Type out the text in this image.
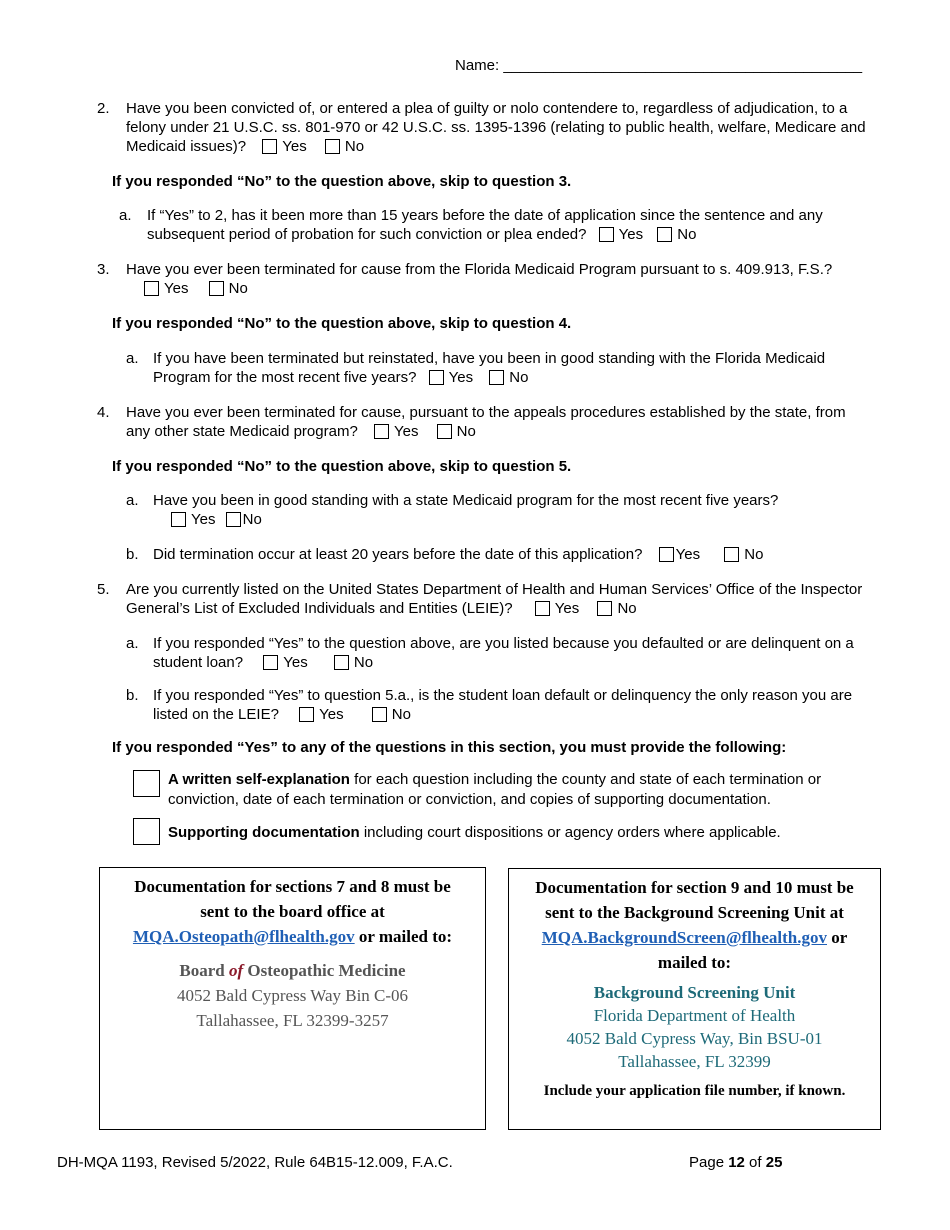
Name: ___________________________________________
2. Have you been convicted of, or entered a plea of guilty or nolo contendere to, regardless of adjudication, to a
felony under 21 U.S.C. ss. 801-970 or 42 U.S.C. ss. 1395-1396 (relating to public health, welfare, Medicare and
Medicaid issues)? Yes	No
If you responded “No” to the question above, skip to question 3.
a. If “Yes” to 2, has it been more than 15 years before the date of application since the sentence and any
subsequent period of probation for such conviction or plea ended? Yes No
3. Have you ever been terminated for cause from the Florida Medicaid Program pursuant to s. 409.913, F.S.?
Yes	No
If you responded “No” to the question above, skip to question 4.
a. If you have been terminated but reinstated, have you been in good standing with the Florida Medicaid
Program for the most recent five years? Yes No
4. Have you ever been terminated for cause, pursuant to the appeals procedures established by the state, from
any other state Medicaid program? Yes	No
If you responded “No” to the question above, skip to question 5.
a. Have you been in good standing with a state Medicaid program for the most recent five years?
Yes No
b. Did termination occur at least 20 years before the date of this application? Yes	No
5. Are you currently listed on the United States Department of Health and Human Services’ Office of the Inspector
General’s List of Excluded Individuals and Entities (LEIE)?	Yes	No
a. If you responded “Yes” to the question above, are you listed because you defaulted or are delinquent on a
student loan?	Yes	No
b. If you responded “Yes” to question 5.a., is the student loan default or delinquency the only reason you are
listed on the LEIE?	Yes	No
If you responded “Yes” to any of the questions in this section, you must provide the following:
A written self-explanation for each question including the county and state of each termination or
conviction, date of each termination or conviction, and copies of supporting documentation.
Supporting documentation including court dispositions or agency orders where applicable.
Documentation for sections 7 and 8 must be
sent to the board office at
MQA.Osteopath@flhealth.gov or mailed to:
Board of Osteopathic Medicine
4052 Bald Cypress Way Bin C-06
Tallahassee, FL 32399-3257
Documentation for section 9 and 10 must be
sent to the Background Screening Unit at
MQA.BackgroundScreen@flhealth.gov or
mailed to:
Background Screening Unit
Florida Department of Health
4052 Bald Cypress Way, Bin BSU-01
Tallahassee, FL 32399
Include your application file number, if known.
DH-MQA 1193, Revised 5/2022, Rule 64B15-12.009, F.A.C.	Page 12 of 25
